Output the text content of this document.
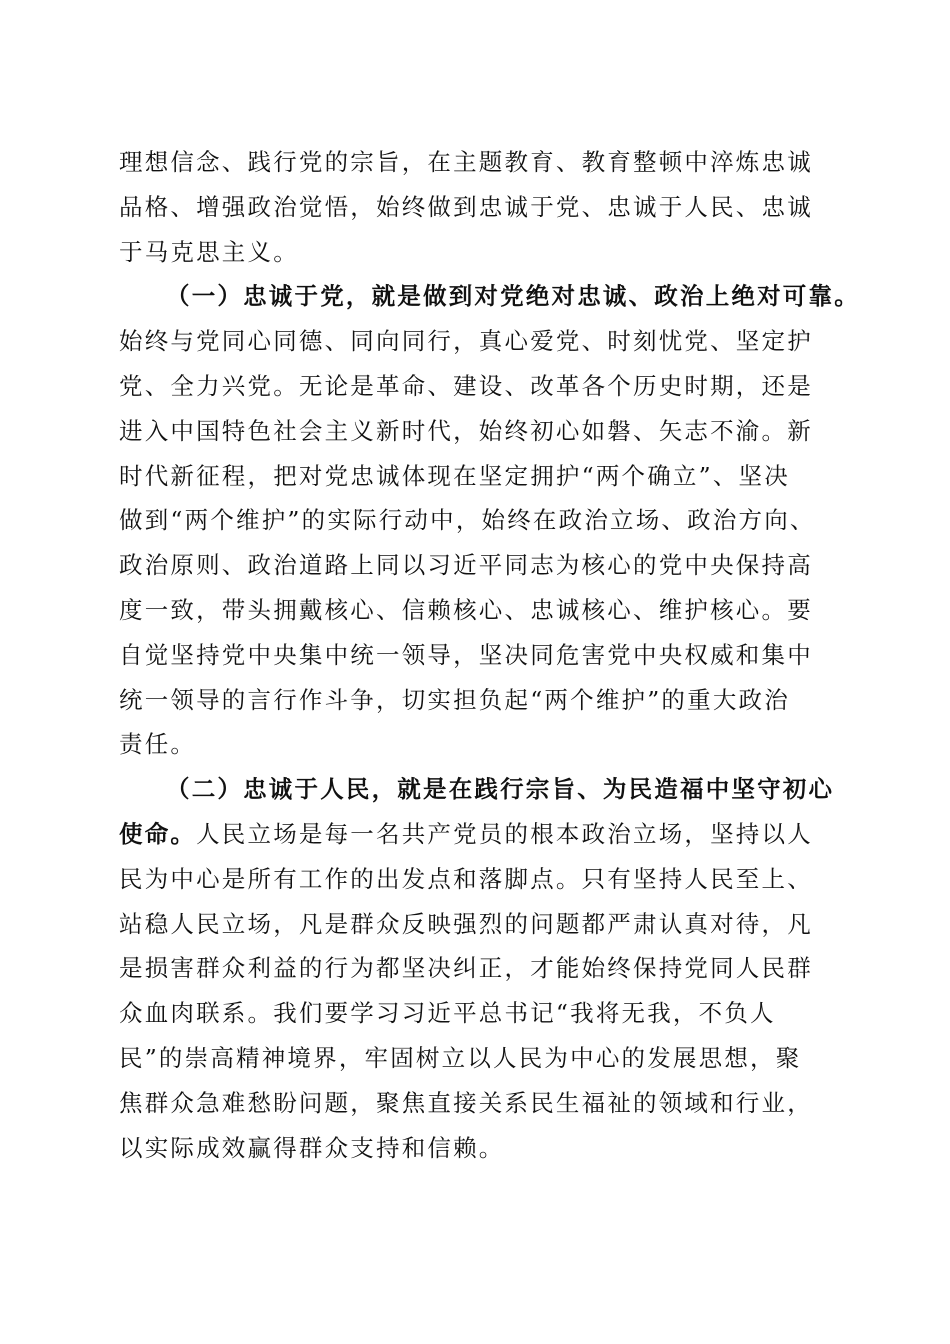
理想信念、践行党的宗旨，在主题教育、教育整顿中淬炼忠诚
品格、增强政治觉悟，始终做到忠诚于党、忠诚于人民、忠诚
于马克思主义。
（一）忠诚于党，就是做到对党绝对忠诚、政治上绝对可靠。
始终与党同心同德、同向同行，真心爱党、时刻忧党、坚定护
党、全力兴党。无论是革命、建设、改革各个历史时期，还是
进入中国特色社会主义新时代，始终初心如磐、矢志不渝。新
时代新征程，把对党忠诚体现在坚定拥护“两个确立”、坚决
做到“两个维护”的实际行动中，始终在政治立场、政治方向、
政治原则、政治道路上同以习近平同志为核心的党中央保持高
度一致，带头拥戴核心、信赖核心、忠诚核心、维护核心。要
自觉坚持党中央集中统一领导，坚决同危害党中央权威和集中
统一领导的言行作斗争，切实担负起“两个维护”的重大政治
责任。
（二）忠诚于人民，就是在践行宗旨、为民造福中坚守初心
使命。人民立场是每一名共产党员的根本政治立场，坚持以人
民为中心是所有工作的出发点和落脚点。只有坚持人民至上、
站稳人民立场，凡是群众反映强烈的问题都严肃认真对待，凡
是损害群众利益的行为都坚决纠正，才能始终保持党同人民群
众血肉联系。我们要学习习近平总书记“我将无我，不负人
民”的崇高精神境界，牢固树立以人民为中心的发展思想，聚
焦群众急难愁盼问题，聚焦直接关系民生福祉的领域和行业，
以实际成效赢得群众支持和信赖。
